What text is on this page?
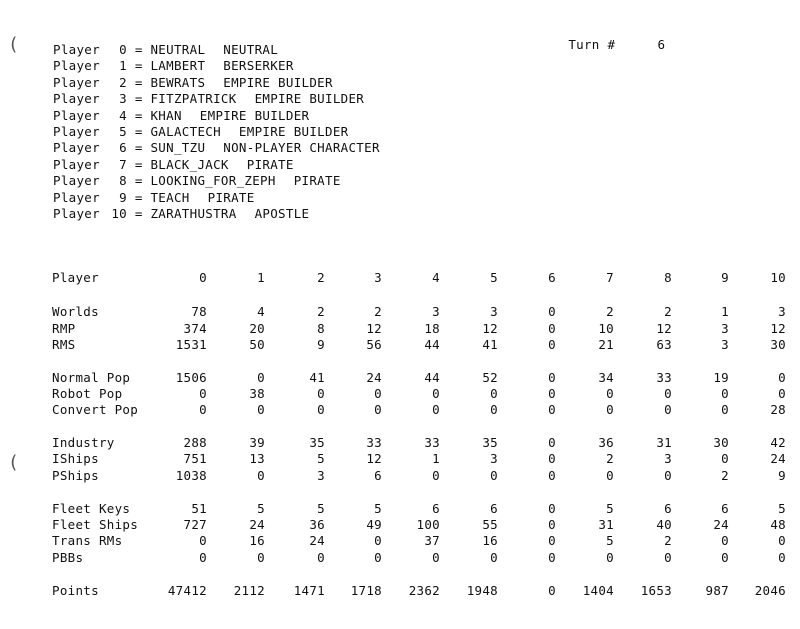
(
(

Turn #	6

Player 0 = NEUTRAL NEUTRAL
Player 1 = LAMBERT BERSERKER
Player 2 = BEWRATS EMPIRE BUILDER
Player 3 = FITZPATRICK EMPIRE BUILDER
Player 4 = KHAN EMPIRE BUILDER
Player 5 = GALACTECH EMPIRE BUILDER
Player 6 = SUN_TZU NON-PLAYER CHARACTER
Player 7 = BLACK_JACK PIRATE
Player 8 = LOOKING_FOR_ZEPH PIRATE
Player 9 = TEACH PIRATE
Player 10 = ZARATHUSTRA APOSTLE
Player	0	1	2	3	4	5	6	7	8	9	10
Worlds	78	4	2	2	3	3	0	2	2	1	3
RMP	374	20	8	12	18	12	0	10	12	3	12
RMS	1531	50	9	56	44	41	0	21	63	3	30
Normal Pop	1506	0	41	24	44	52	0	34	33	19	0
Robot Pop	0	38	0	0	0	0	0	0	0	0	0
Convert Pop	0	0	0	0	0	0	0	0	0	0	28
Industry	288	39	35	33	33	35	0	36	31	30	42
IShips	751	13	5	12	1	3	0	2	3	0	24
PShips	1038	0	3	6	0	0	0	0	0	2	9
Fleet Keys	51	5	5	5	6	6	0	5	6	6	5
Fleet Ships	727	24	36	49	100	55	0	31	40	24	48
Trans RMs	0	16	24	0	37	16	0	5	2	0	0
PBBs	0	0	0	0	0	0	0	0	0	0	0
Points	47412	2112	1471	1718	2362	1948	0	1404	1653	987	2046
